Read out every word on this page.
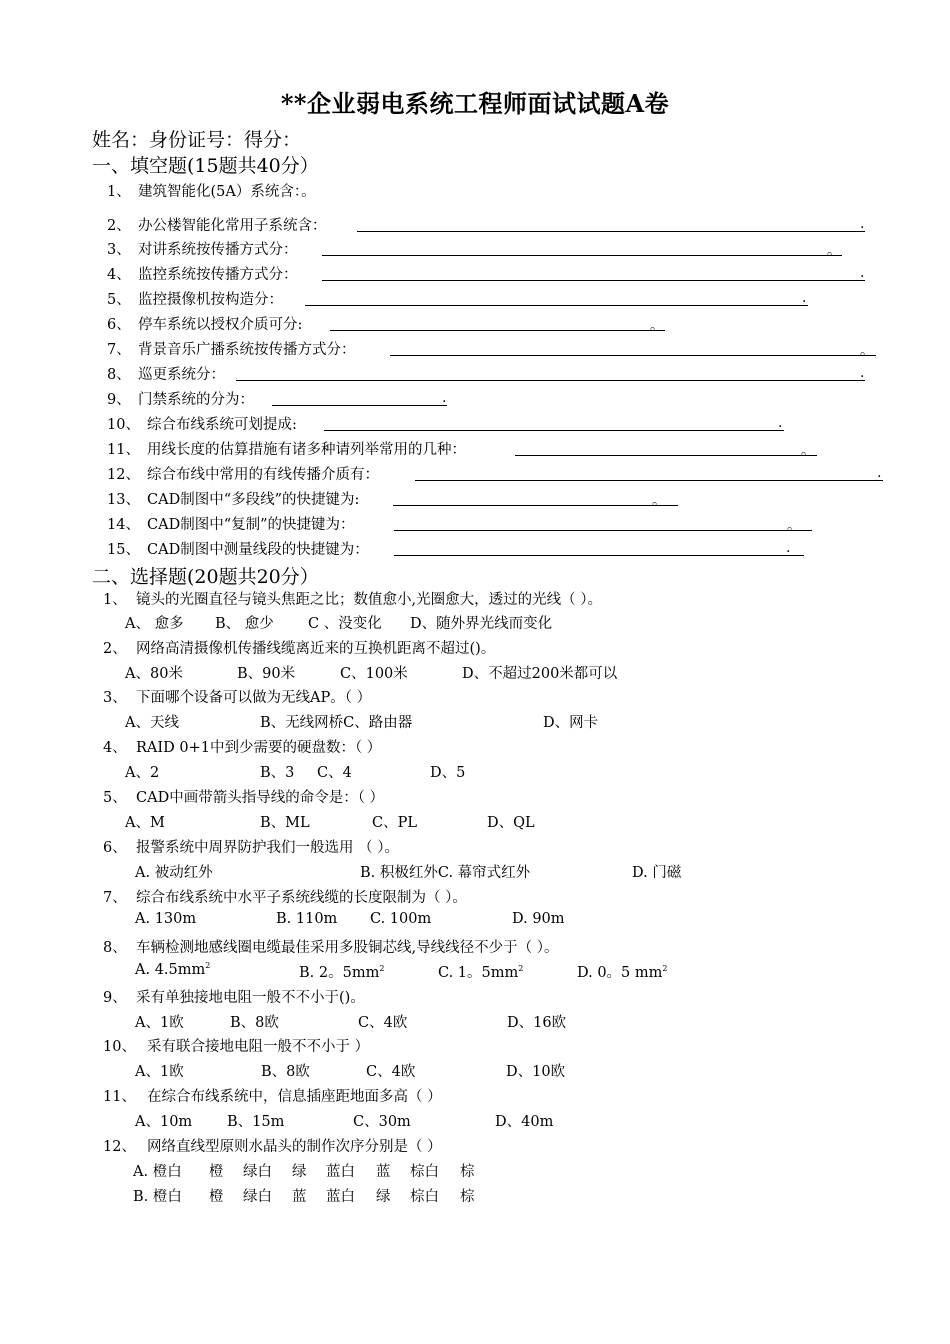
**企业弱电系统工程师面试试题A卷
姓名：身份证号：得分：
一、填空题(15题共40分）
1、 建筑智能化(5A）系统含：。
2、 办公楼智能化常用子系统含：	.
3、 对讲系统按传播方式分：	。
4、 监控系统按传播方式分：	.
5、 监控摄像机按构造分：	.
6、 停车系统以授权介质可分:	。
7、 背景音乐广播系统按传播方式分：	。
8、 巡更系统分：	.
9、 门禁系统的分为：	.
10、 综合布线系统可划提成:	.
11、 用线长度的估算措施有诸多种请列举常用的几种：	。
12、 综合布线中常用的有线传播介质有：	.
13、 CAD制图中“多段线”的快捷键为:	。
14、 CAD制图中“复制”的快捷键为：	。
15、 CAD制图中测量线段的快捷键为：	.
二、选择题(20题共20分）
1、 镜头的光圈直径与镜头焦距之比；数值愈小,光圈愈大，透过的光线（ ）。
A、 愈多 B、 愈少 C 、没变化 D、随外界光线而变化
2、 网络高清摄像机传播线缆离近来的互换机距离不超过()。
A、80米	B、90米	C、100米	D、不超过200米都可以
3、 下面哪个设备可以做为无线AP。（ ）
A、天线	B、无线网桥C、路由器	D、网卡
4、 RAID 0+1中到少需要的硬盘数：（ ）
A、2	B、3 C、4	D、5
5、 CAD中画带箭头指导线的命令是：（ ）
A、M	B、ML	C、PL	D、QL
6、 报警系统中周界防护我们一般选用 （ ）。
A. 被动红外	B. 积极红外C. 幕帘式红外	D. 门磁
7、 综合布线系统中水平子系统线缆的长度限制为（ ）。
A. 130m	B. 110m C. 100m	D. 90m
8、 车辆检测地感线圈电缆最佳采用多股铜芯线,导线线径不少于（ ）。
A. $4.5mm^2$	B. 2。$5mm^2$	C. 1。$5mm^2$	D. 0。5 $mm^2$
9、 采有单独接地电阻一般不不小于()。
A、1欧	B、8欧	C、4欧	D、16欧
10、 采有联合接地电阻一般不不小于 ）
A、1欧	B、8欧	C、4欧	D、10欧
11、 在综合布线系统中，信息插座距地面多高（ ）
A、10m B、15m	C、30m	D、40m
12、 网络直线型原则水晶头的制作次序分别是（ ）
A. 橙白 橙 绿白 绿 蓝白 蓝 棕白 棕
B. 橙白 橙 绿白 蓝 蓝白 绿 棕白 棕
